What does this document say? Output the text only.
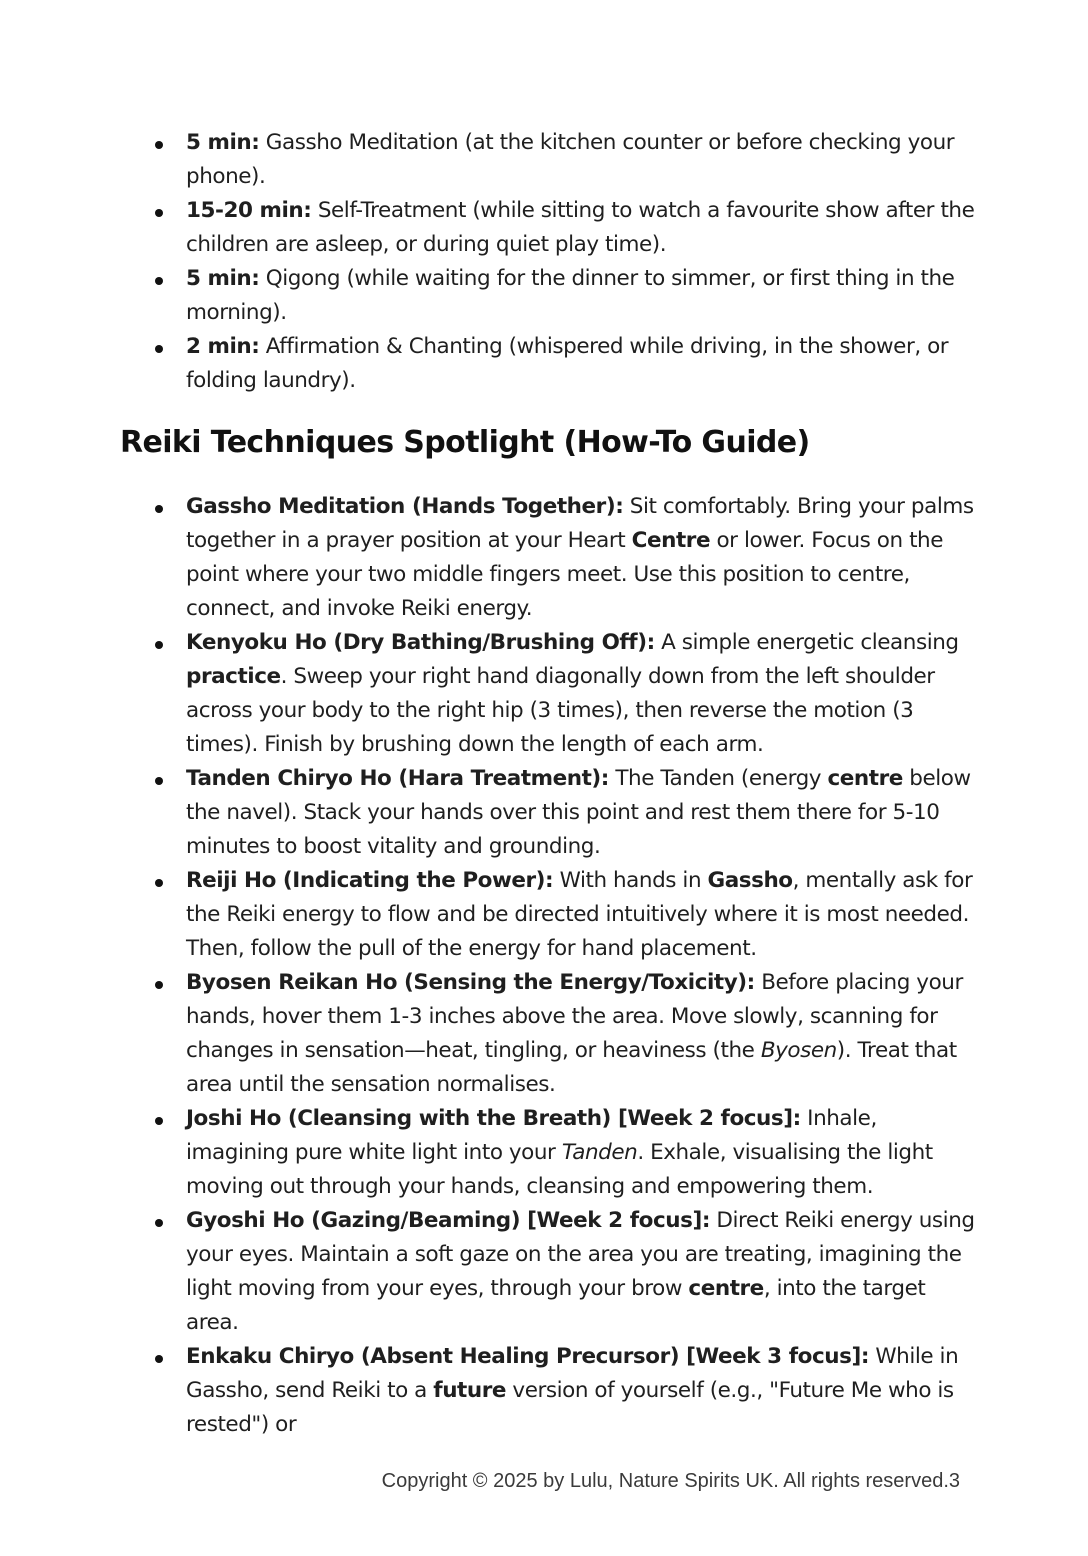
5 min: Gassho Meditation (at the kitchen counter or before checking your phone).
15-20 min: Self-Treatment (while sitting to watch a favourite show after the children are asleep, or during quiet play time).
5 min: Qigong (while waiting for the dinner to simmer, or first thing in the morning).
2 min: Affirmation & Chanting (whispered while driving, in the shower, or folding laundry).
Reiki Techniques Spotlight (How-To Guide)
Gassho Meditation (Hands Together): Sit comfortably. Bring your palms together in a prayer position at your Heart Centre or lower. Focus on the point where your two middle fingers meet. Use this position to centre, connect, and invoke Reiki energy.
Kenyoku Ho (Dry Bathing/Brushing Off): A simple energetic cleansing practice. Sweep your right hand diagonally down from the left shoulder across your body to the right hip (3 times), then reverse the motion (3 times). Finish by brushing down the length of each arm.
Tanden Chiryo Ho (Hara Treatment): The Tanden (energy centre below the navel). Stack your hands over this point and rest them there for 5-10 minutes to boost vitality and grounding.
Reiji Ho (Indicating the Power): With hands in Gassho, mentally ask for the Reiki energy to flow and be directed intuitively where it is most needed. Then, follow the pull of the energy for hand placement.
Byosen Reikan Ho (Sensing the Energy/Toxicity): Before placing your hands, hover them 1-3 inches above the area. Move slowly, scanning for changes in sensation—heat, tingling, or heaviness (the Byosen). Treat that area until the sensation normalises.
Joshi Ho (Cleansing with the Breath) [Week 2 focus]: Inhale, imagining pure white light into your Tanden. Exhale, visualising the light moving out through your hands, cleansing and empowering them.
Gyoshi Ho (Gazing/Beaming) [Week 2 focus]: Direct Reiki energy using your eyes. Maintain a soft gaze on the area you are treating, imagining the light moving from your eyes, through your brow centre, into the target area.
Enkaku Chiryo (Absent Healing Precursor) [Week 3 focus]: While in Gassho, send Reiki to a future version of yourself (e.g., "Future Me who is rested") or
Copyright © 2025 by Lulu, Nature Spirits UK. All rights reserved.3
